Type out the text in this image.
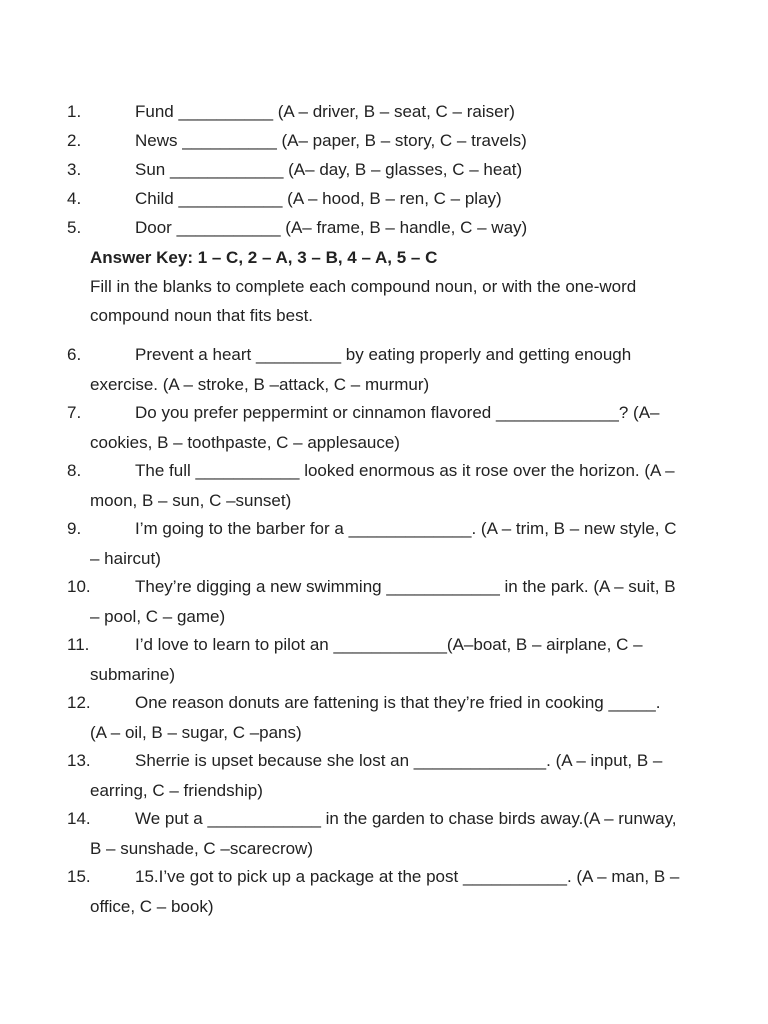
1.	Fund __________ (A – driver, B – seat, C – raiser)
2.	News __________ (A– paper, B – story, C – travels)
3.	Sun ____________ (A– day, B – glasses, C – heat)
4.	Child ___________ (A – hood, B – ren, C – play)
5.	Door ___________ (A– frame, B – handle, C – way)
Answer Key: 1 – C, 2 – A, 3 – B, 4 – A, 5 – C
Fill in the blanks to complete each compound noun, or with the one-word compound noun that fits best.
6.	Prevent a heart _________ by eating properly and getting enough exercise. (A – stroke, B –attack, C – murmur)
7.	Do you prefer peppermint or cinnamon flavored _____________? (A– cookies, B – toothpaste, C – applesauce)
8.	The full ___________ looked enormous as it rose over the horizon. (A – moon, B – sun, C –sunset)
9.	I’m going to the barber for a _____________. (A – trim, B – new style, C – haircut)
10.	They’re digging a new swimming ____________ in the park. (A – suit, B – pool, C – game)
11.	I’d love to learn to pilot an ____________(A–boat, B – airplane, C – submarine)
12.	One reason donuts are fattening is that they’re fried in cooking _____. (A – oil, B – sugar, C –pans)
13.	Sherrie is upset because she lost an ______________. (A – input, B – earring, C – friendship)
14.	We put a ____________ in the garden to chase birds away.(A – runway, B – sunshade, C –scarecrow)
15.	15.I’ve got to pick up a package at the post ___________. (A – man, B – office, C – book)
